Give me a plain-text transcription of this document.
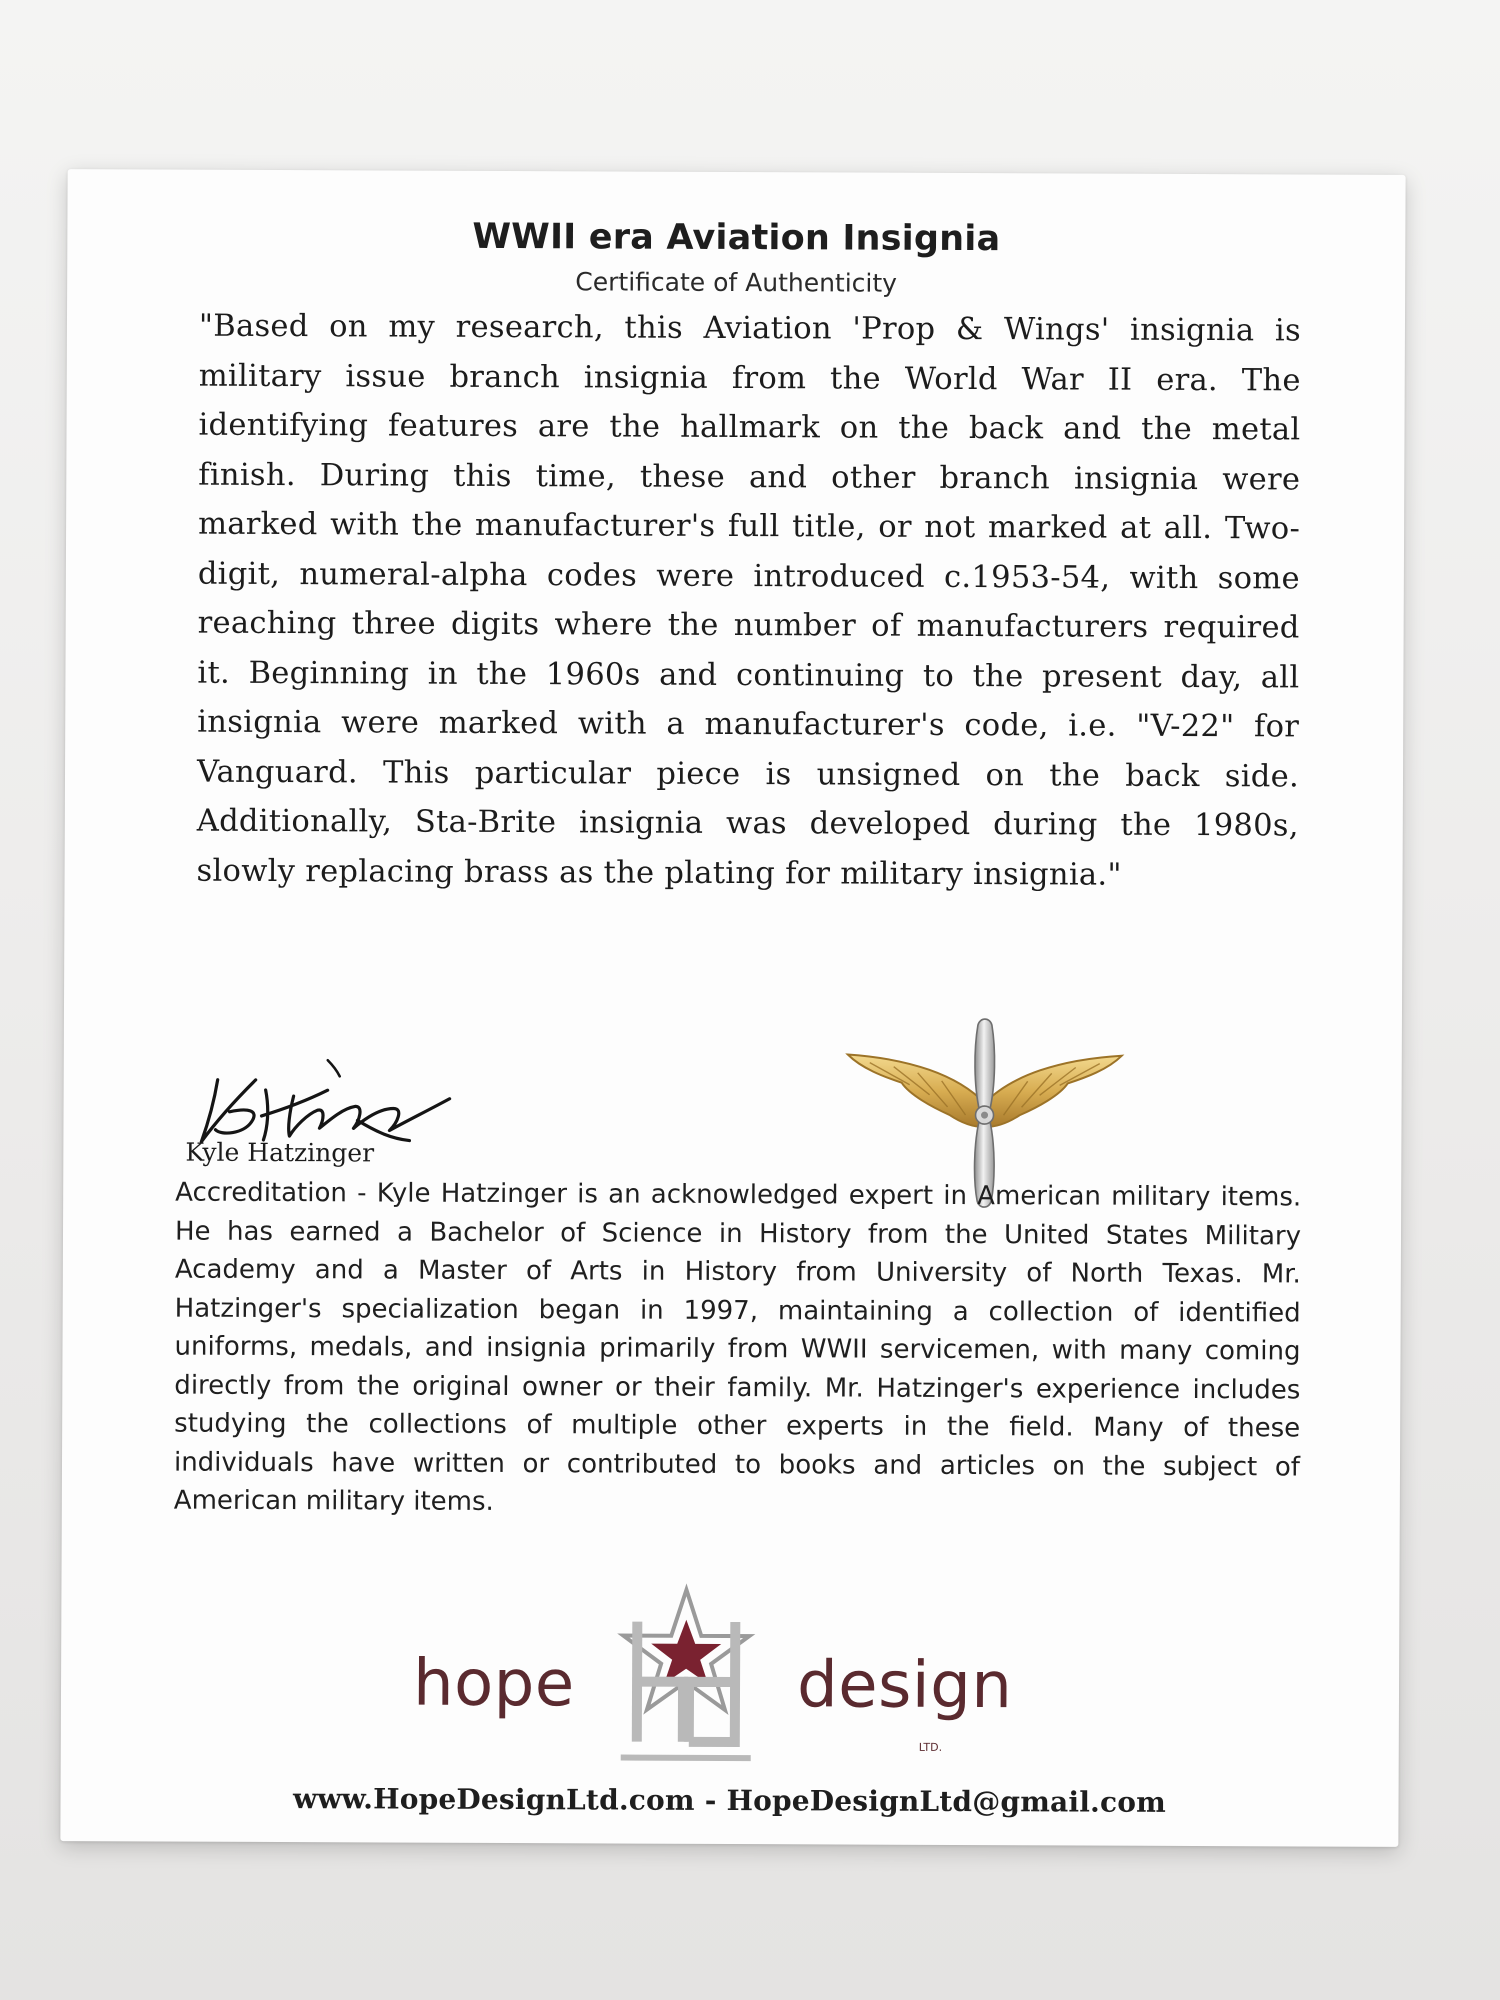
WWII era Aviation Insignia
Certificate of Authenticity

"Based on my research, this Aviation 'Prop & Wings' insignia is military issue branch insignia from the World War II era. The identifying features are the hallmark on the back and the metal finish. During this time, these and other branch insignia were marked with the manufacturer's full title, or not marked at all. Two-digit, numeral-alpha codes were introduced c.1953-54, with some reaching three digits where the number of manufacturers required it. Beginning in the 1960s and continuing to the present day, all insignia were marked with a manufacturer's code, i.e. "V-22" for Vanguard. This particular piece is unsigned on the back side. Additionally, Sta-Brite insignia was developed during the 1980s, slowly replacing brass as the plating for military insignia."

Kyle Hatzinger

Accreditation - Kyle Hatzinger is an acknowledged expert in American military items. He has earned a Bachelor of Science in History from the United States Military Academy and a Master of Arts in History from University of North Texas. Mr. Hatzinger's specialization began in 1997, maintaining a collection of identified uniforms, medals, and insignia primarily from WWII servicemen, with many coming directly from the original owner or their family. Mr. Hatzinger's experience includes studying the collections of multiple other experts in the field. Many of these individuals have written or contributed to books and articles on the subject of American military items.

hope	design
LTD.
www.HopeDesignLtd.com - HopeDesignLtd@gmail.com
